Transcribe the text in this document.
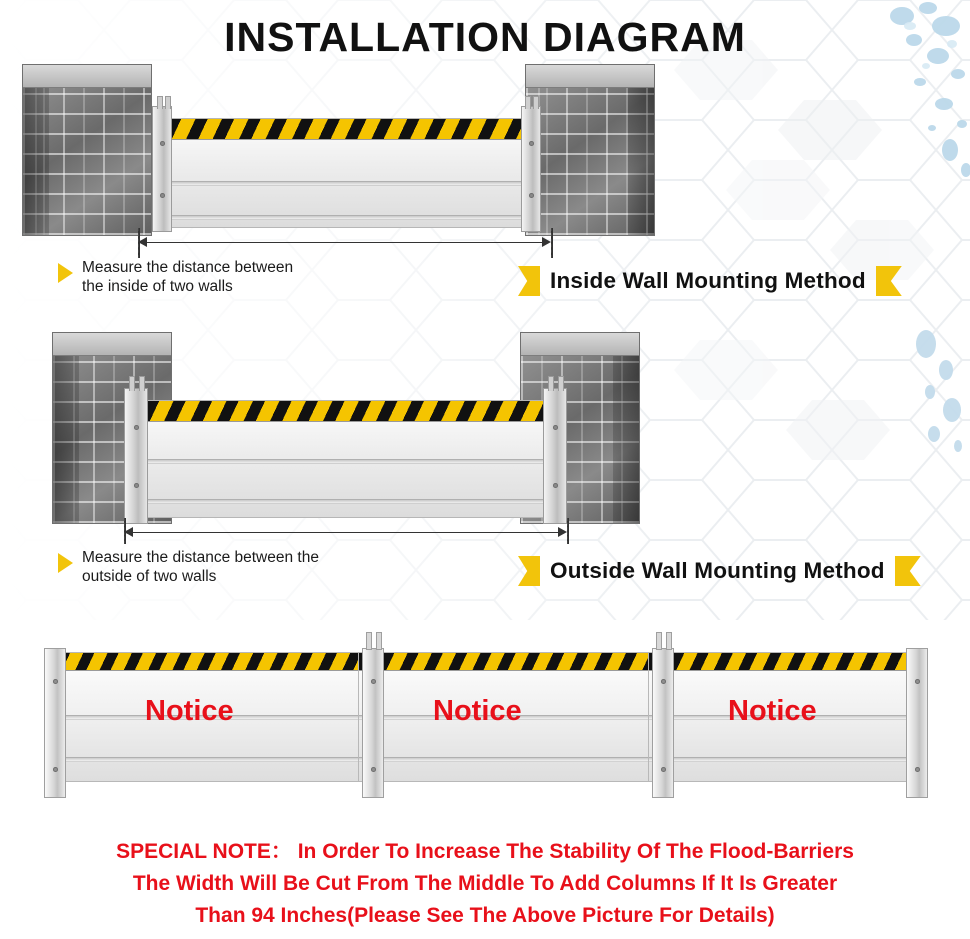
INSTALLATION DIAGRAM
Measure the distance between
the inside of two walls	Inside Wall Mounting Method
Measure the distance between the
outside of two walls	Outside Wall Mounting Method
Notice	Notice	Notice
SPECIAL NOTE： In Order To Increase The Stability Of The Flood-Barriers
The Width Will Be Cut From The Middle To Add Columns If It Is Greater
Than 94 Inches(Please See The Above Picture For Details)
